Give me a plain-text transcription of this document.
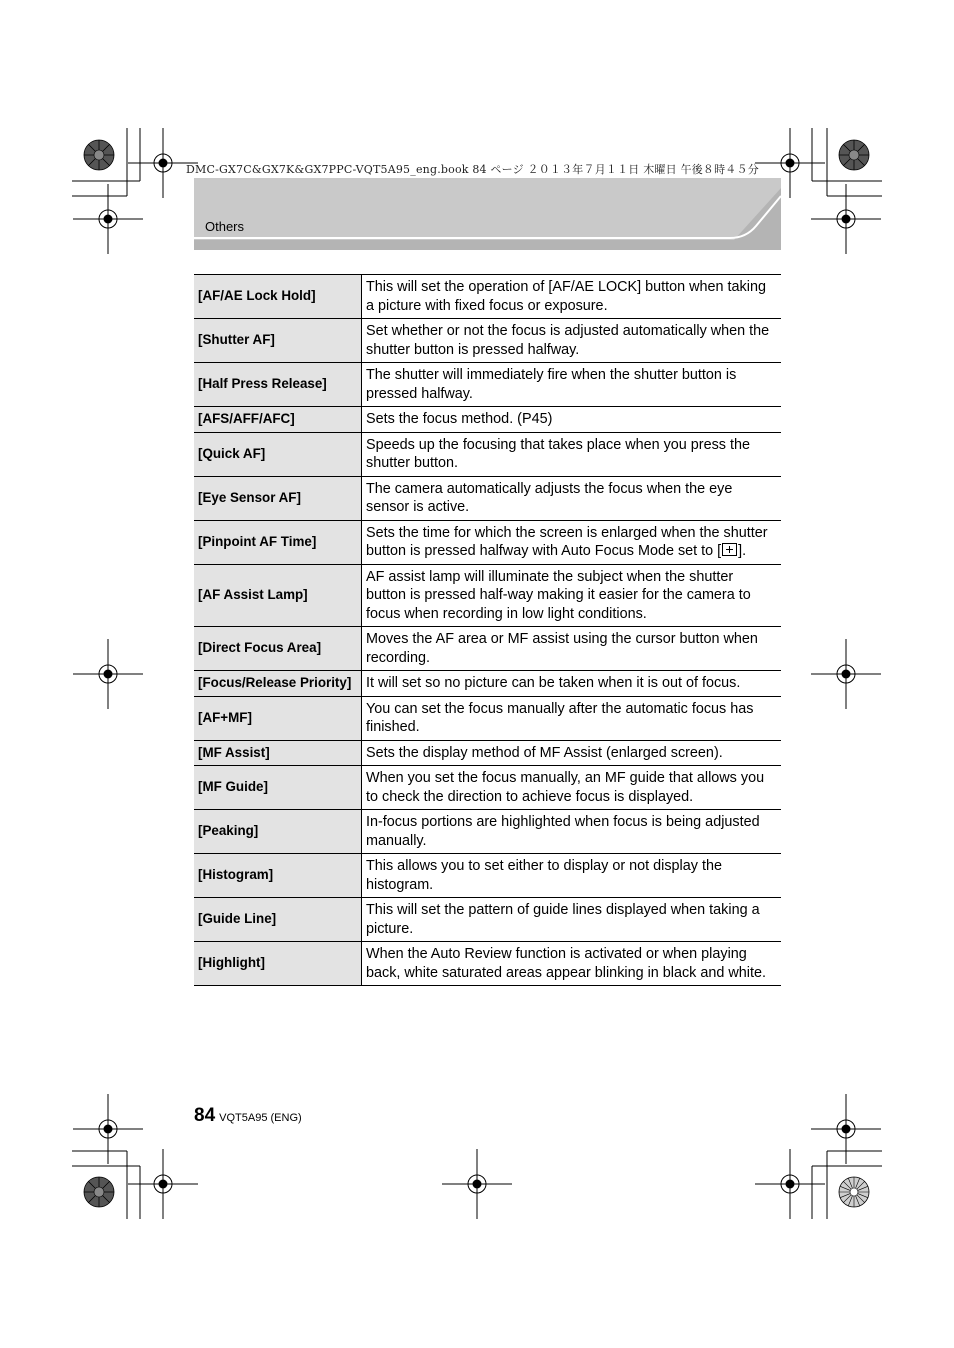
DMC-GX7C&GX7K&GX7PPC-VQT5A95_eng.book 84 ページ ２０１３年７月１１日 木曜日 午後８時４５分
Others
[AF/AE Lock Hold]	This will set the operation of [AF/AE LOCK] button when taking a picture with fixed focus or exposure.
[Shutter AF]	Set whether or not the focus is adjusted automatically when the shutter button is pressed halfway.
[Half Press Release]	The shutter will immediately fire when the shutter button is pressed halfway.
[AFS/AFF/AFC]	Sets the focus method. (P45)
[Quick AF]	Speeds up the focusing that takes place when you press the shutter button.
[Eye Sensor AF]	The camera automatically adjusts the focus when the eye sensor is active.
[Pinpoint AF Time]	Sets the time for which the screen is enlarged when the shutter button is pressed halfway with Auto Focus Mode set to [ ].
[AF Assist Lamp]	AF assist lamp will illuminate the subject when the shutter button is pressed half-way making it easier for the camera to focus when recording in low light conditions.
[Direct Focus Area]	Moves the AF area or MF assist using the cursor button when recording.
[Focus/Release Priority]	It will set so no picture can be taken when it is out of focus.
[AF+MF]	You can set the focus manually after the automatic focus has finished.
[MF Assist]	Sets the display method of MF Assist (enlarged screen).
[MF Guide]	When you set the focus manually, an MF guide that allows you to check the direction to achieve focus is displayed.
[Peaking]	In-focus portions are highlighted when focus is being adjusted manually.
[Histogram]	This allows you to set either to display or not display the histogram.
[Guide Line]	This will set the pattern of guide lines displayed when taking a picture.
[Highlight]	When the Auto Review function is activated or when playing back, white saturated areas appear blinking in black and white.
84 VQT5A95 (ENG)
